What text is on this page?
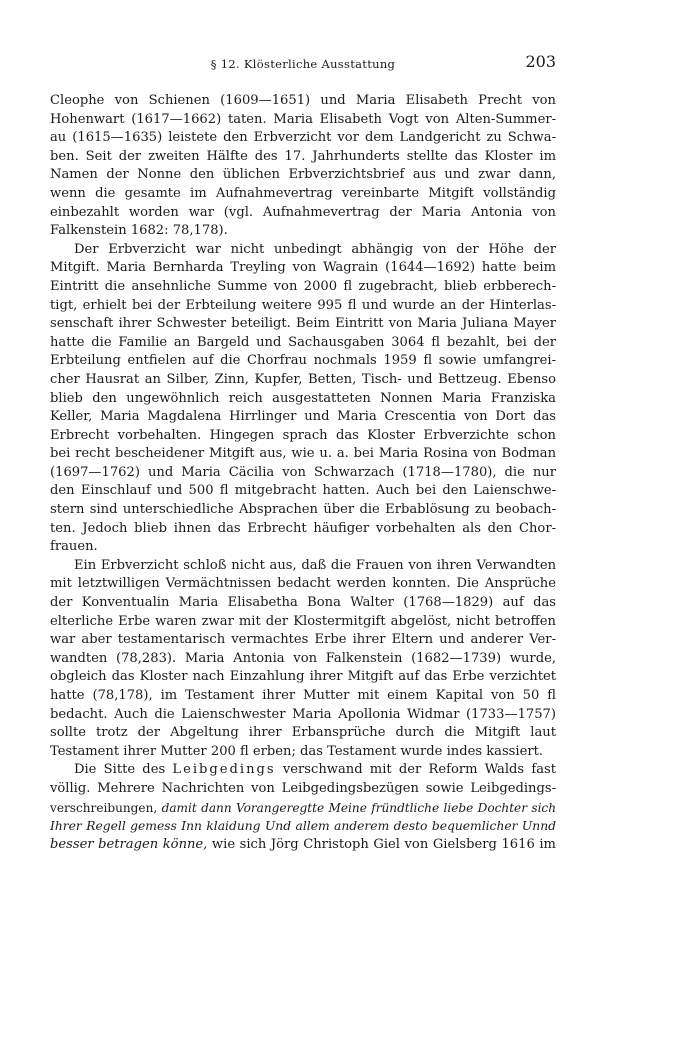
§ 12. Klösterliche Ausstattung	203
Cleophe von Schienen (1609—1651) und Maria Elisabeth Precht von
Hohenwart (1617—1662) taten. Maria Elisabeth Vogt von Alten-Summer-
au (1615—1635) leistete den Erbverzicht vor dem Landgericht zu Schwa-
ben. Seit der zweiten Hälfte des 17. Jahrhunderts stellte das Kloster im
Namen der Nonne den üblichen Erbverzichtsbrief aus und zwar dann,
wenn die gesamte im Aufnahmevertrag vereinbarte Mitgift vollständig
einbezahlt worden war (vgl. Aufnahmevertrag der Maria Antonia von
Falkenstein 1682: 78,178).
Der Erbverzicht war nicht unbedingt abhängig von der Höhe der
Mitgift. Maria Bernharda Treyling von Wagrain (1644—1692) hatte beim
Eintritt die ansehnliche Summe von 2000 fl zugebracht, blieb erbberech-
tigt, erhielt bei der Erbteilung weitere 995 fl und wurde an der Hinterlas-
senschaft ihrer Schwester beteiligt. Beim Eintritt von Maria Juliana Mayer
hatte die Familie an Bargeld und Sachausgaben 3064 fl bezahlt, bei der
Erbteilung entfielen auf die Chorfrau nochmals 1959 fl sowie umfangrei-
cher Hausrat an Silber, Zinn, Kupfer, Betten, Tisch- und Bettzeug. Ebenso
blieb den ungewöhnlich reich ausgestatteten Nonnen Maria Franziska
Keller, Maria Magdalena Hirrlinger und Maria Crescentia von Dort das
Erbrecht vorbehalten. Hingegen sprach das Kloster Erbverzichte schon
bei recht bescheidener Mitgift aus, wie u. a. bei Maria Rosina von Bodman
(1697—1762) und Maria Cäcilia von Schwarzach (1718—1780), die nur
den Einschlauf und 500 fl mitgebracht hatten. Auch bei den Laienschwe-
stern sind unterschiedliche Absprachen über die Erbablösung zu beobach-
ten. Jedoch blieb ihnen das Erbrecht häufiger vorbehalten als den Chor-
frauen.
Ein Erbverzicht schloß nicht aus, daß die Frauen von ihren Verwandten
mit letztwilligen Vermächtnissen bedacht werden konnten. Die Ansprüche
der Konventualin Maria Elisabetha Bona Walter (1768—1829) auf das
elterliche Erbe waren zwar mit der Klostermitgift abgelöst, nicht betroffen
war aber testamentarisch vermachtes Erbe ihrer Eltern und anderer Ver-
wandten (78,283). Maria Antonia von Falkenstein (1682—1739) wurde,
obgleich das Kloster nach Einzahlung ihrer Mitgift auf das Erbe verzichtet
hatte (78,178), im Testament ihrer Mutter mit einem Kapital von 50 fl
bedacht. Auch die Laienschwester Maria Apollonia Widmar (1733—1757)
sollte trotz der Abgeltung ihrer Erbansprüche durch die Mitgift laut
Testament ihrer Mutter 200 fl erben; das Testament wurde indes kassiert.
Die Sitte des Leibgedings verschwand mit der Reform Walds fast
völlig. Mehrere Nachrichten von Leibgedingsbezügen sowie Leibgedings-
verschreibungen, damit dann Vorangeregtte Meine fründtliche liebe Dochter sich
Ihrer Regell gemess Inn klaidung Und allem anderem desto bequemlicher Unnd
besser betragen könne, wie sich Jörg Christoph Giel von Gielsberg 1616 im
